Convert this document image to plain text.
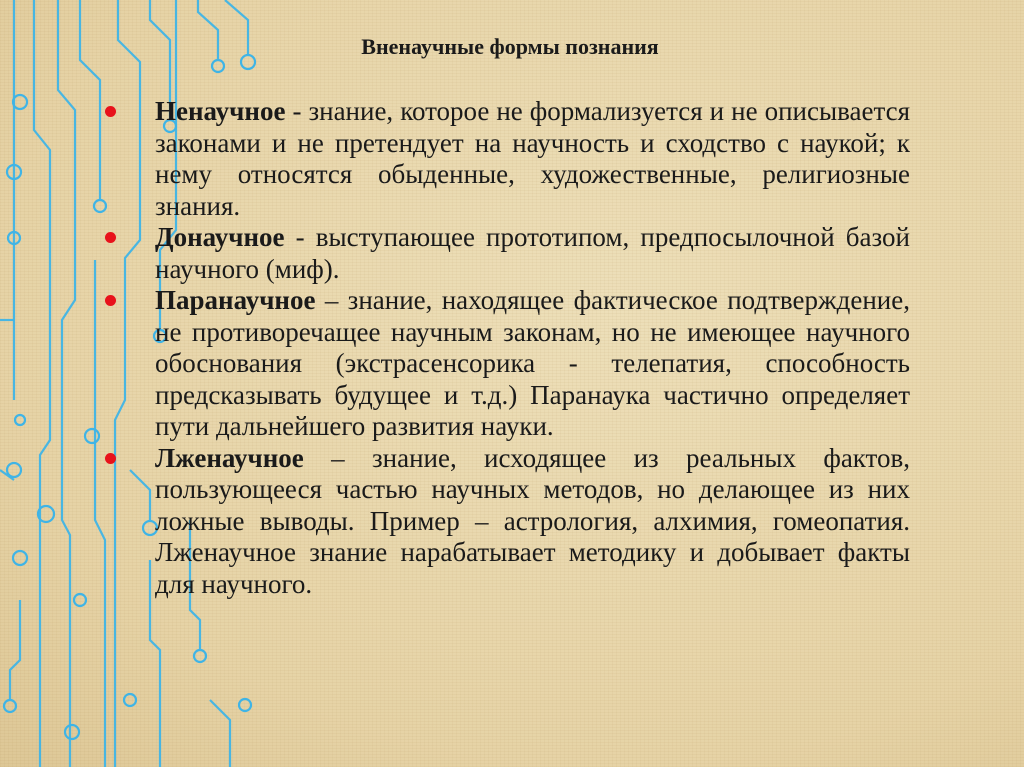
Вненаучные формы познания
Ненаучное - знание, которое не формализуется и не описывается законами и не претендует на научность и сходство с наукой; к нему относятся обыденные, художественные, религиозные знания.
Донаучное - выступающее прототипом, предпосылочной базой научного (миф).
Паранаучное – знание, находящее фактическое подтверждение, не противоречащее научным законам, но не имеющее научного обоснования (экстрасенсорика - телепатия, способность предсказывать будущее и т.д.) Паранаука частично определяет пути дальнейшего развития науки.
Лженаучное – знание, исходящее из реальных фактов, пользующееся частью научных методов, но делающее из них ложные выводы. Пример – астрология, алхимия, гомеопатия. Лженаучное знание нарабатывает методику и добывает факты для научного.
